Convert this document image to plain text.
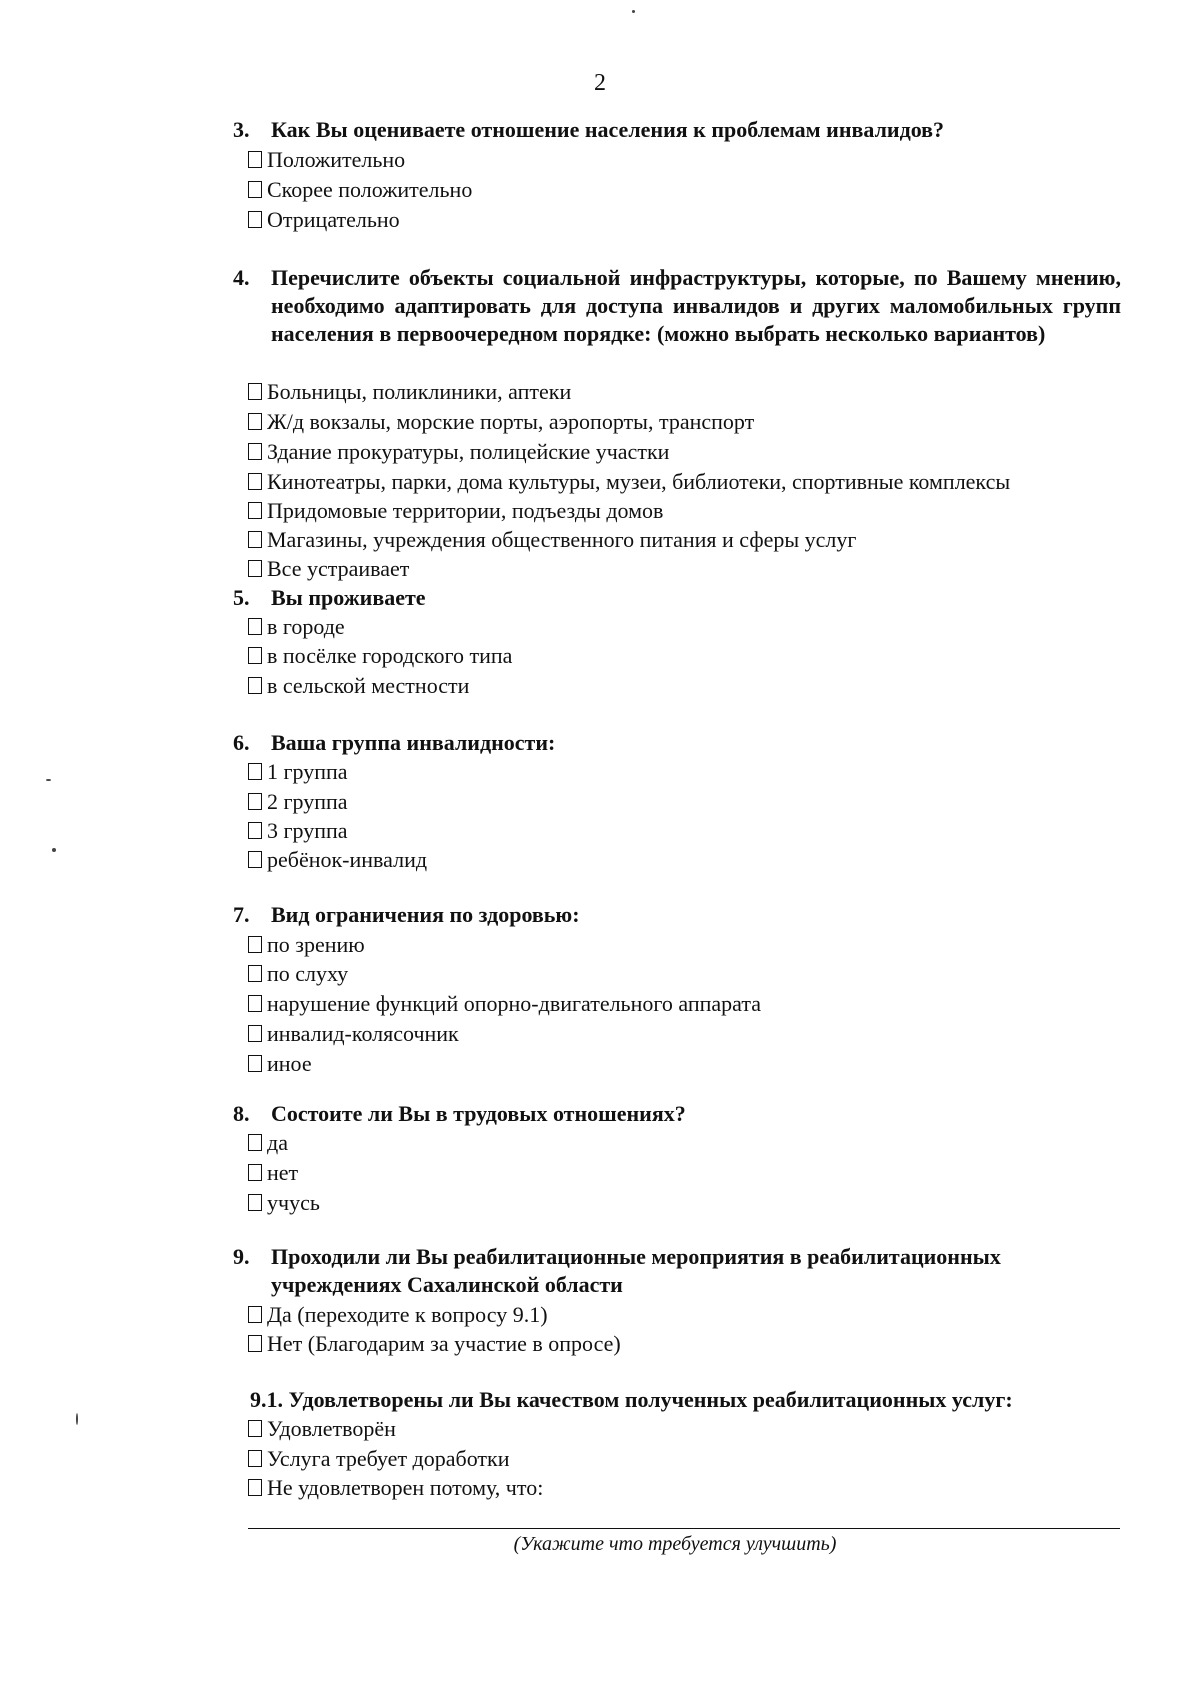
2
3. Как Вы оцениваете отношение населения к проблемам инвалидов?
Положительно
Скорее положительно
Отрицательно
4. Перечислите объекты социальной инфраструктуры, которые, по Вашему мнению, необходимо адаптировать для доступа инвалидов и других маломобильных групп населения в первоочередном порядке: (можно выбрать несколько вариантов)
Больницы, поликлиники, аптеки
Ж/д вокзалы, морские порты, аэропорты, транспорт
Здание прокуратуры, полицейские участки
Кинотеатры, парки, дома культуры, музеи, библиотеки, спортивные комплексы
Придомовые территории, подъезды домов
Магазины, учреждения общественного питания и сферы услуг
Все устраивает
5. Вы проживаете
в городе
в посёлке городского типа
в сельской местности
6. Ваша группа инвалидности:
1 группа
2 группа
3 группа
ребёнок-инвалид
7. Вид ограничения по здоровью:
по зрению
по слуху
нарушение функций опорно-двигательного аппарата
инвалид-колясочник
иное
8. Состоите ли Вы в трудовых отношениях?
да
нет
учусь
9. Проходили ли Вы реабилитационные мероприятия в реабилитационных учреждениях Сахалинской области
Да (переходите к вопросу 9.1)
Нет (Благодарим за участие в опросе)
9.1. Удовлетворены ли Вы качеством полученных реабилитационных услуг:
Удовлетворён
Услуга требует доработки
Не удовлетворен потому, что:
(Укажите что требуется улучшить)
